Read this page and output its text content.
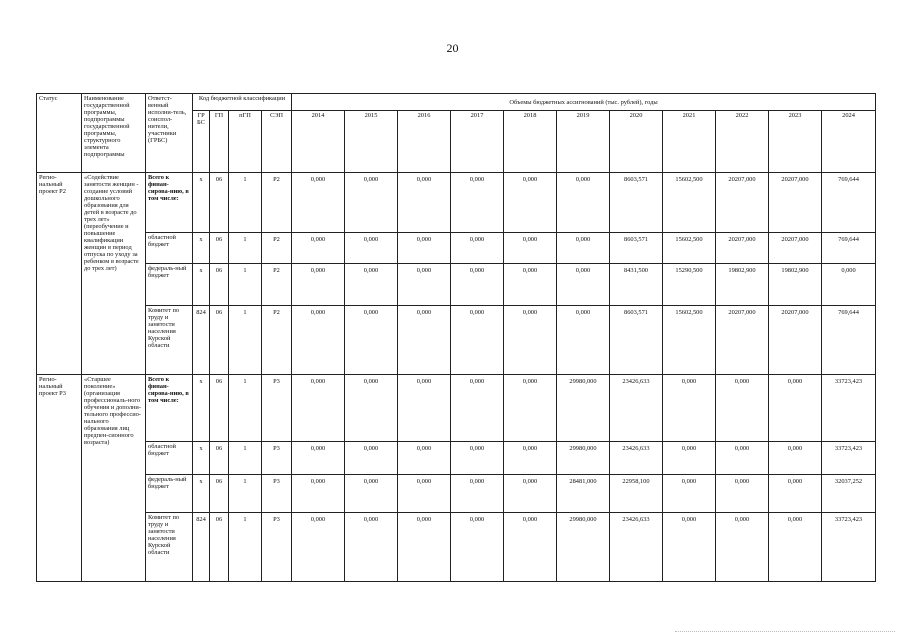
20
Статус	Наименование государственной программы, подпрограммы государственной программы, структурного элемента подпрограммы	Ответст-венный исполни-тель, соиспол-нители, участники (ГРБС)	Код бюджетной классификации				Объемы бюджетных ассигнований (тыс. рублей), годы										
			ГР БС	ГП	пГП	СЭП	2014	2015	2016	2017	2018	2019	2020	2021	2022	2023	2024
Регио-нальный проект Р2	«Содействие занятости женщин - создание условий дошкольного образования для детей в возрасте до трех лет» (переобучение и повышение квалификации женщин в период отпуска по уходу за ребенком в возрасте до трех лет)	Всего к финан-сирова-нию, в том числе:	х	06	1	Р2	0,000	0,000	0,000	0,000	0,000	0,000	8603,571	15602,500	20207,000	20207,000	769,644
		областной бюджет	х	06	1	Р2	0,000	0,000	0,000	0,000	0,000	0,000	8603,571	15602,500	20207,000	20207,000	769,644
		федераль-ный бюджет	х	06	1	Р2	0,000	0,000	0,000	0,000	0,000	0,000	8431,500	15290,500	19802,900	19802,900	0,000
		Комитет по труду и занятости населения Курской области	824	06	1	Р2	0,000	0,000	0,000	0,000	0,000	0,000	8603,571	15602,500	20207,000	20207,000	769,644
Регио-нальный проект Р3	«Старшее поколение» (организация профессиональ-ного обучения и дополни-тельного профессио-нального образования лиц предпен-сионного возраста)	Всего к финан-сирова-нию, в том числе:	х	06	1	Р3	0,000	0,000	0,000	0,000	0,000	29980,000	23426,633	0,000	0,000	0,000	33723,423
		областной бюджет	х	06	1	Р3	0,000	0,000	0,000	0,000	0,000	29980,000	23426,633	0,000	0,000	0,000	33723,423
		федераль-ный бюджет	х	06	1	Р3	0,000	0,000	0,000	0,000	0,000	28481,000	22958,100	0,000	0,000	0,000	32037,252
		Комитет по труду и занятости населения Курской области	824	06	1	Р3	0,000	0,000	0,000	0,000	0,000	29980,000	23426,633	0,000	0,000	0,000	33723,423
